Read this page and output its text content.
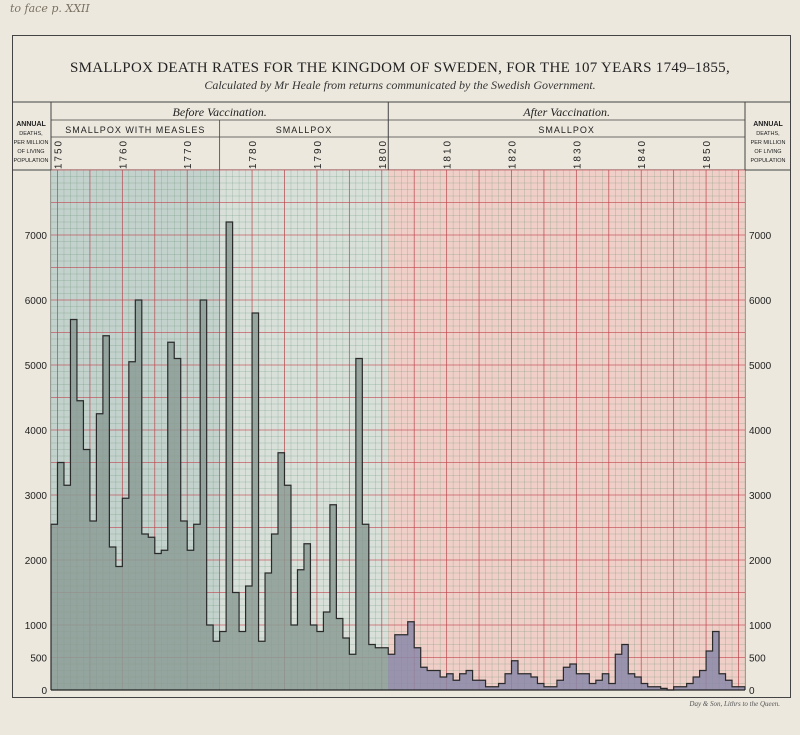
to face p. XXII
SMALLPOX DEATH RATES FOR THE KINGDOM OF SWEDEN, FOR THE 107 YEARS 1749–1855,
Calculated by Mr Heale from returns communicated by the Swedish Government.
Day & Son, Lithrs to the Queen.
Before Vaccination.	After Vaccination.
SMALLPOX WITH MEASLES	SMALLPOX	SMALLPOX
ANNUAL	ANNUAL
DEATHS,	DEATHS,
PER MILLION	PER MILLION
OF LIVING	OF LIVING
POPULATION	POPULATION
1750	1760	1770	1780	1790	1800	1810	1820	1830	1840	1850
0	0
500	500
1000	1000
2000	2000
3000	3000
4000	4000
5000	5000
6000	6000
7000	7000
